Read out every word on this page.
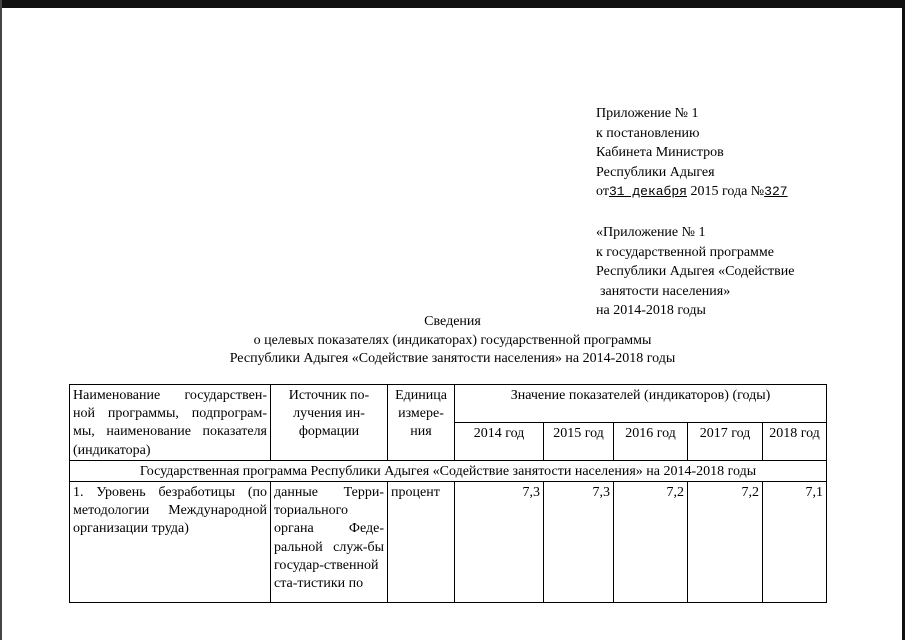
Приложение № 1
к постановлению
Кабинета Министров
Республики Адыгея
от31 декабря 2015 года №327
«Приложение № 1
к государственной программе
Республики Адыгея «Содействие
занятости населения»
на 2014-2018 годы
Сведения
о целевых показателях (индикаторах) государственной программы
Республики Адыгея «Содействие занятости населения» на 2014-2018 годы
Наименование государствен-ной программы, подпрограм-мы, наименование показателя (индикатора)	Источник по-лучения ин-формации	Единица измере-ния	Значение показателей (индикаторов) (годы)				
			2014 год	2015 год	2016 год	2017 год	2018 год
Государственная программа Республики Адыгея «Содействие занятости населения» на 2014-2018 годы							
1. Уровень безработицы (по методологии Международной организации труда)	данные Терри-ториального органа Феде-ральной служ-бы государ-ственной ста-тистики по	процент	7,3	7,3	7,2	7,2	7,1
